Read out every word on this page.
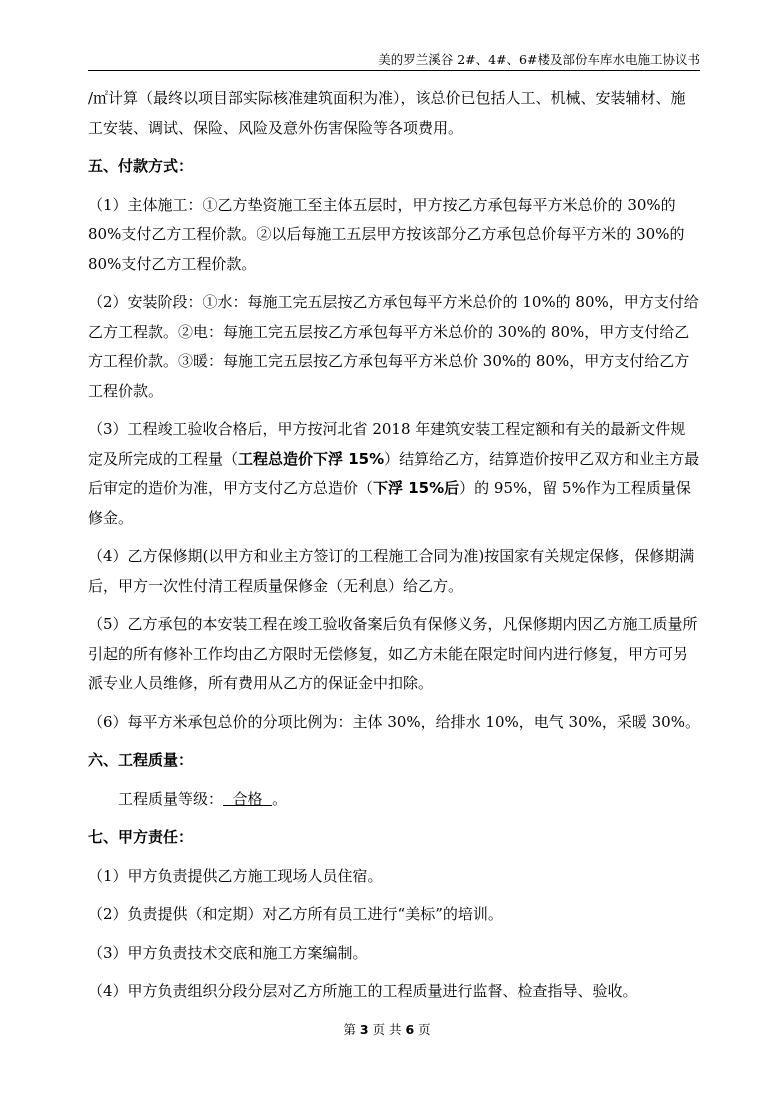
美的罗兰溪谷 2#、4#、6#楼及部份车库水电施工协议书

/㎡计算（最终以项目部实际核准建筑面积为准），该总价已包括人工、机械、安装辅材、施工安装、调试、保险、风险及意外伤害保险等各项费用。

五、付款方式：

（1）主体施工：①乙方垫资施工至主体五层时，甲方按乙方承包每平方米总价的 30%的 80%支付乙方工程价款。②以后每施工五层甲方按该部分乙方承包总价每平方米的 30%的 80%支付乙方工程价款。

（2）安装阶段：①水：每施工完五层按乙方承包每平方米总价的 10%的 80%，甲方支付给乙方工程款。②电：每施工完五层按乙方承包每平方米总价的 30%的 80%，甲方支付给乙方工程价款。③暖：每施工完五层按乙方承包每平方米总价 30%的 80%，甲方支付给乙方工程价款。

（3）工程竣工验收合格后，甲方按河北省 2018 年建筑安装工程定额和有关的最新文件规定及所完成的工程量（工程总造价下浮 15%）结算给乙方，结算造价按甲乙双方和业主方最后审定的造价为准，甲方支付乙方总造价（下浮 15%后）的 95%，留 5%作为工程质量保修金。

（4）乙方保修期(以甲方和业主方签订的工程施工合同为准)按国家有关规定保修，保修期满后，甲方一次性付清工程质量保修金（无利息）给乙方。

（5）乙方承包的本安装工程在竣工验收备案后负有保修义务，凡保修期内因乙方施工质量所引起的所有修补工作均由乙方限时无偿修复，如乙方未能在限定时间内进行修复，甲方可另派专业人员维修，所有费用从乙方的保证金中扣除。

（6）每平方米承包总价的分项比例为：主体 30%，给排水 10%，电气 30%，采暖 30%。

六、工程质量：

工程质量等级：  合格  。

七、甲方责任：

（1）甲方负责提供乙方施工现场人员住宿。

（2）负责提供（和定期）对乙方所有员工进行“美标”的培训。

（3）甲方负责技术交底和施工方案编制。

（4）甲方负责组织分段分层对乙方所施工的工程质量进行监督、检查指导、验收。

第 3 页 共 6 页
